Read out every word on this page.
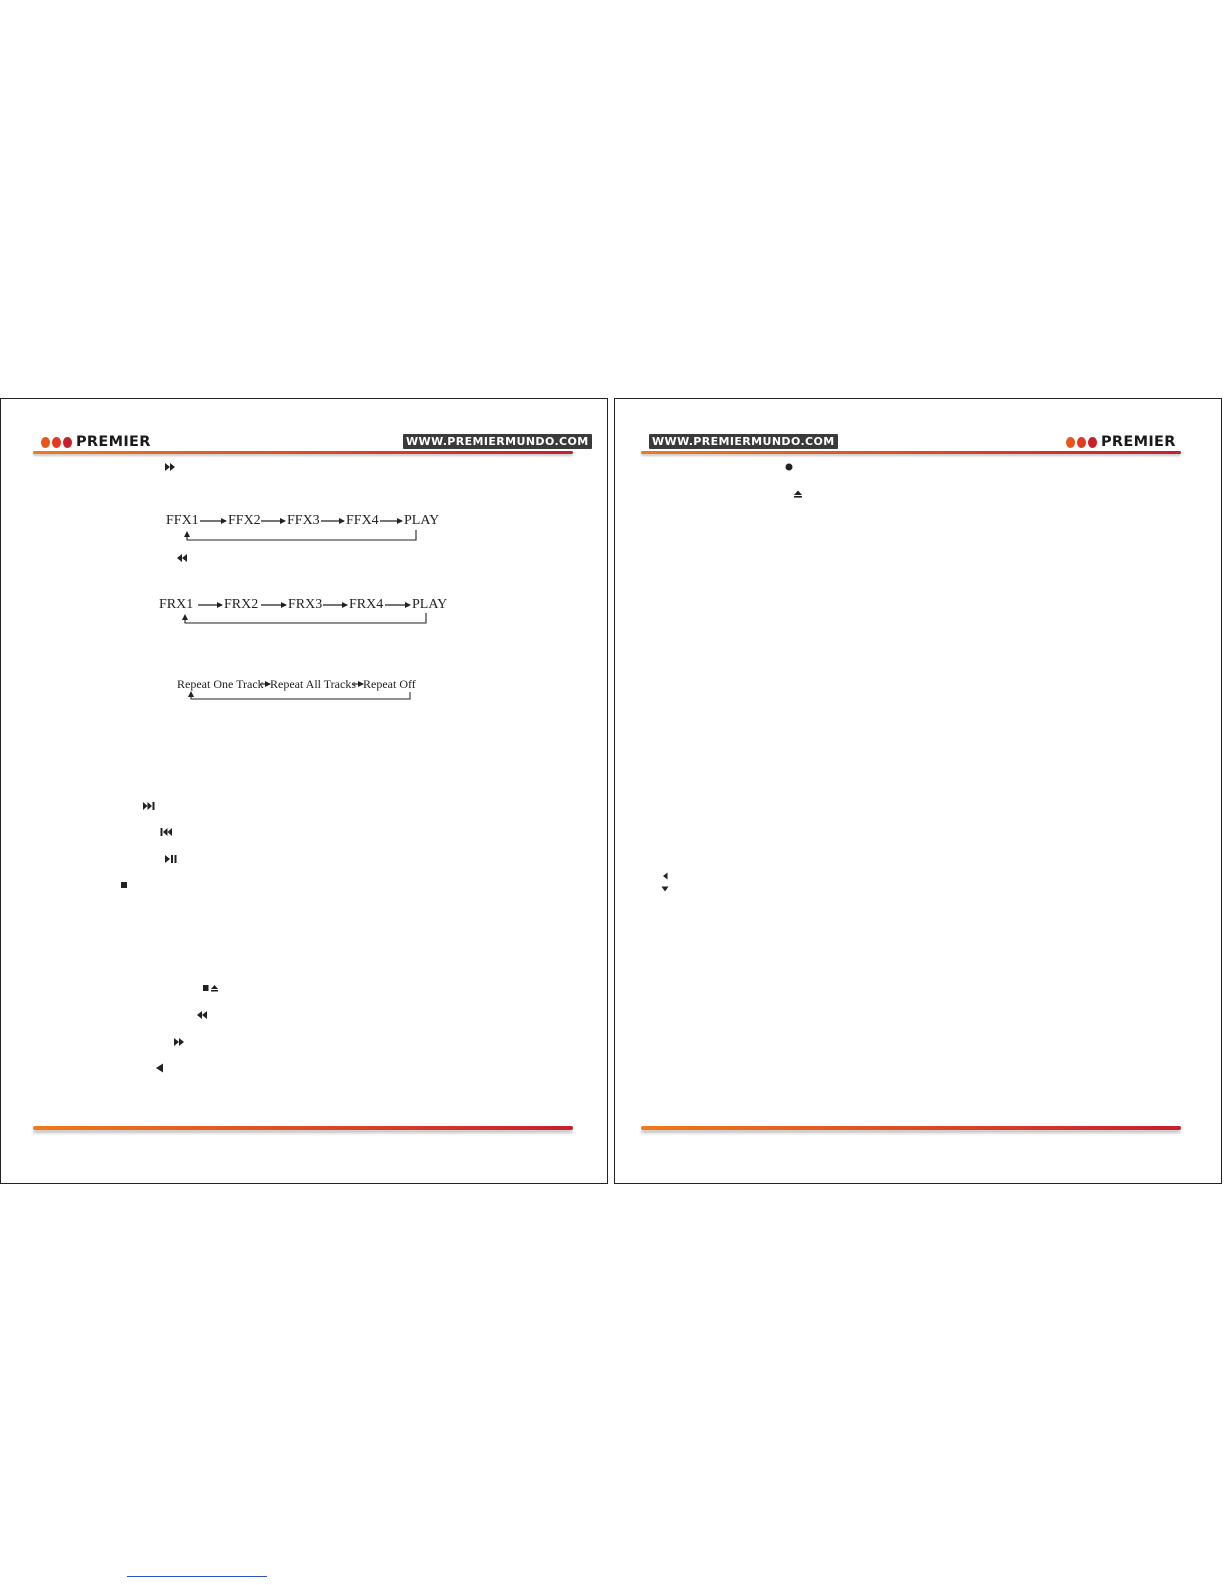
PREMIER	WWW.PREMIERMUNDO.COM
FFX1 FFX2 FFX3 FFX4 PLAY
FRX1 FRX2 FRX3 FRX4 PLAY
Repeat One Track Repeat All Tracks Repeat Off
WWW.PREMIERMUNDO.COM	PREMIER
